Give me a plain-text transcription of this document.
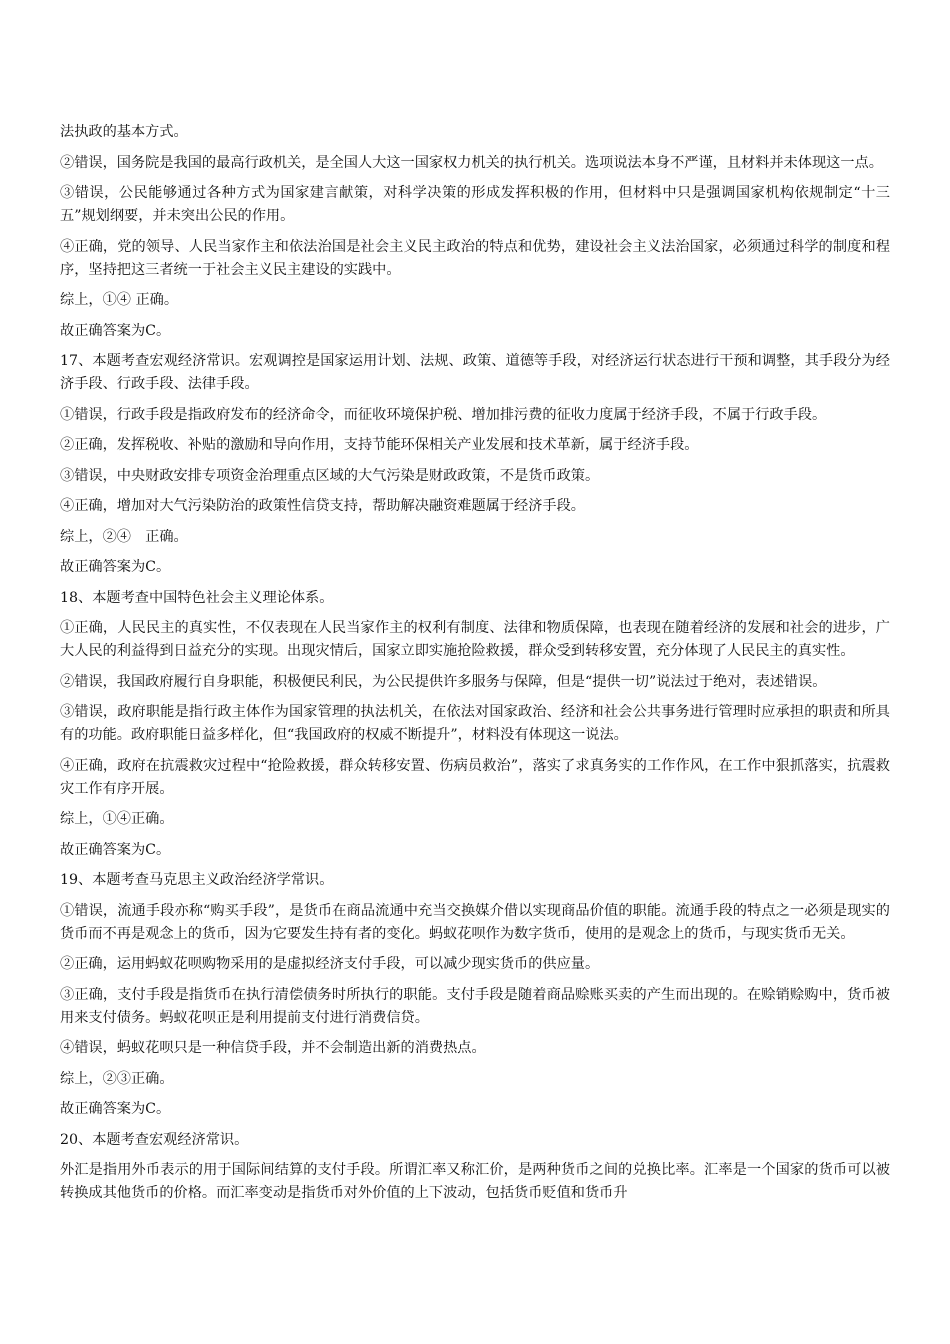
法执政的基本方式。

②错误，国务院是我国的最高行政机关，是全国人大这一国家权力机关的执行机关。选项说法本身不严谨，且材料并未体现这一点。

③错误，公民能够通过各种方式为国家建言献策，对科学决策的形成发挥积极的作用，但材料中只是强调国家机构依规制定“十三五”规划纲要，并未突出公民的作用。

④正确，党的领导、人民当家作主和依法治国是社会主义民主政治的特点和优势，建设社会主义法治国家，必须通过科学的制度和程序，坚持把这三者统一于社会主义民主建设的实践中。

综上，①④ 正确。

故正确答案为C。

17、本题考查宏观经济常识。宏观调控是国家运用计划、法规、政策、道德等手段，对经济运行状态进行干预和调整，其手段分为经济手段、行政手段、法律手段。

①错误，行政手段是指政府发布的经济命令，而征收环境保护税、增加排污费的征收力度属于经济手段，不属于行政手段。

②正确，发挥税收、补贴的激励和导向作用，支持节能环保相关产业发展和技术革新，属于经济手段。

③错误，中央财政安排专项资金治理重点区域的大气污染是财政政策，不是货币政策。

④正确，增加对大气污染防治的政策性信贷支持，帮助解决融资难题属于经济手段。

综上，②④　正确。

故正确答案为C。

18、本题考查中国特色社会主义理论体系。

①正确，人民民主的真实性，不仅表现在人民当家作主的权利有制度、法律和物质保障，也表现在随着经济的发展和社会的进步，广大人民的利益得到日益充分的实现。出现灾情后，国家立即实施抢险救援，群众受到转移安置，充分体现了人民民主的真实性。

②错误，我国政府履行自身职能，积极便民利民，为公民提供许多服务与保障，但是“提供一切”说法过于绝对，表述错误。

③错误，政府职能是指行政主体作为国家管理的执法机关，在依法对国家政治、经济和社会公共事务进行管理时应承担的职责和所具有的功能。政府职能日益多样化，但“我国政府的权威不断提升”，材料没有体现这一说法。

④正确，政府在抗震救灾过程中“抢险救援，群众转移安置、伤病员救治”，落实了求真务实的工作作风，在工作中狠抓落实，抗震救灾工作有序开展。

综上，①④正确。

故正确答案为C。

19、本题考查马克思主义政治经济学常识。

①错误，流通手段亦称“购买手段”，是货币在商品流通中充当交换媒介借以实现商品价值的职能。流通手段的特点之一必须是现实的货币而不再是观念上的货币，因为它要发生持有者的变化。蚂蚁花呗作为数字货币，使用的是观念上的货币，与现实货币无关。

②正确，运用蚂蚁花呗购物采用的是虚拟经济支付手段，可以减少现实货币的供应量。

③正确，支付手段是指货币在执行清偿债务时所执行的职能。支付手段是随着商品赊账买卖的产生而出现的。在赊销赊购中，货币被用来支付债务。蚂蚁花呗正是利用提前支付进行消费信贷。

④错误，蚂蚁花呗只是一种信贷手段，并不会制造出新的消费热点。

综上，②③正确。

故正确答案为C。

20、本题考查宏观经济常识。

外汇是指用外币表示的用于国际间结算的支付手段。所谓汇率又称汇价，是两种货币之间的兑换比率。汇率是一个国家的货币可以被转换成其他货币的价格。而汇率变动是指货币对外价值的上下波动，包括货币贬值和货币升
